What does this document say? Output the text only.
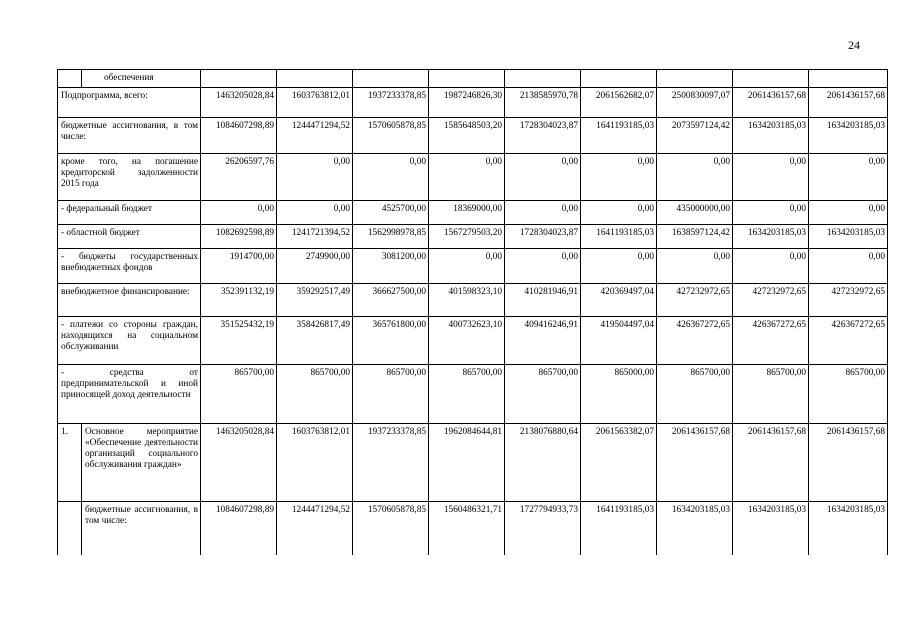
24
	обеспечения									
Подпрограмма, всего:		1463205028,84	1603763812,01	1937233378,85	1987246826,30	2138585970,78	2061562682,07	2500830097,07	2061436157,68	2061436157,68
бюджетные ассигнования, в том числе:		1084607298,89	1244471294,52	1570605878,85	1585648503,20	1728304023,87	1641193185,03	2073597124,42	1634203185,03	1634203185,03
кроме того, на погашение кредиторской задолженности 2015 года		26206597,76	0,00	0,00	0,00	0,00	0,00	0,00	0,00	0,00
- федеральный бюджет		0,00	0,00	4525700,00	18369000,00	0,00	0,00	435000000,00	0,00	0,00
- областной бюджет		1082692598,89	1241721394,52	1562998978,85	1567279503,20	1728304023,87	1641193185,03	1638597124,42	1634203185,03	1634203185,03
- бюджеты государственных внебюджетных фондов		1914700,00	2749900,00	3081200,00	0,00	0,00	0,00	0,00	0,00	0,00
внебюджетное финансирование:		352391132,19	359292517,49	366627500,00	401598323,10	410281946,91	420369497,04	427232972,65	427232972,65	427232972,65
- платежи со стороны граждан, находящихся на социальном обслуживании		351525432,19	358426817,49	365761800,00	400732623,10	409416246,91	419504497,04	426367272,65	426367272,65	426367272,65
- средства от предпринимательской и иной приносящей доход деятельности		865700,00	865700,00	865700,00	865700,00	865700,00	865000,00	865700,00	865700,00	865700,00
1.	Основное мероприятие «Обеспечение деятельности организаций социального обслуживания граждан»	1463205028,84	1603763812,01	1937233378,85	1962084644,81	2138076880,64	2061563382,07	2061436157,68	2061436157,68	2061436157,68
	бюджетные ассигнования, в том числе:	1084607298,89	1244471294,52	1570605878,85	1560486321,71	1727794933,73	1641193185,03	1634203185,03	1634203185,03	1634203185,03
